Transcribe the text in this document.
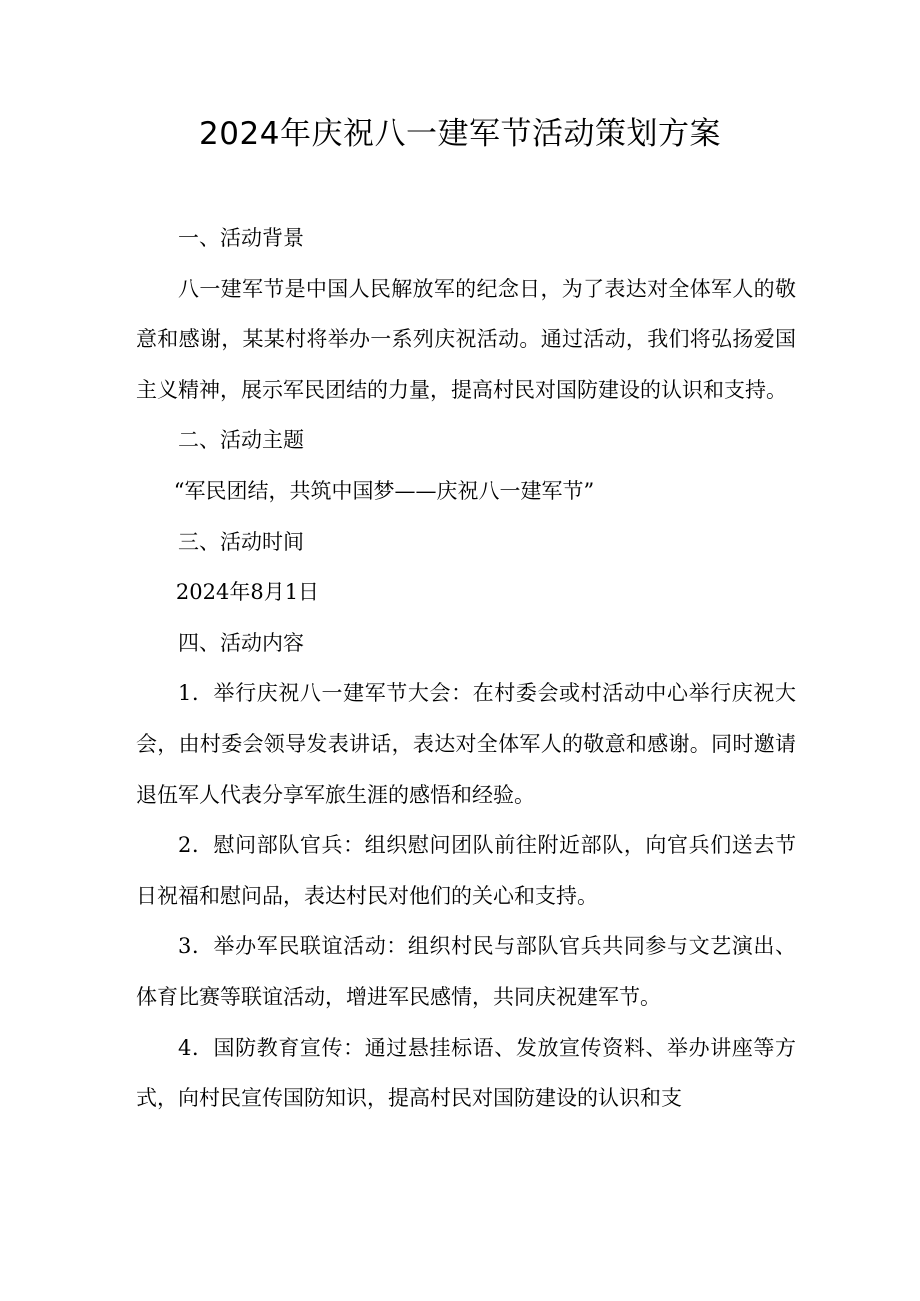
2024年庆祝八一建军节活动策划方案

一、活动背景

八一建军节是中国人民解放军的纪念日，为了表达对全体军人的敬意和感谢，某某村将举办一系列庆祝活动。通过活动，我们将弘扬爱国主义精神，展示军民团结的力量，提高村民对国防建设的认识和支持。

二、活动主题

“军民团结，共筑中国梦——庆祝八一建军节”

三、活动时间

2024年8月1日

四、活动内容

1．举行庆祝八一建军节大会：在村委会或村活动中心举行庆祝大会，由村委会领导发表讲话，表达对全体军人的敬意和感谢。同时邀请退伍军人代表分享军旅生涯的感悟和经验。

2．慰问部队官兵：组织慰问团队前往附近部队，向官兵们送去节日祝福和慰问品，表达村民对他们的关心和支持。

3．举办军民联谊活动：组织村民与部队官兵共同参与文艺演出、体育比赛等联谊活动，增进军民感情，共同庆祝建军节。

4．国防教育宣传：通过悬挂标语、发放宣传资料、举办讲座等方式，向村民宣传国防知识，提高村民对国防建设的认识和支
